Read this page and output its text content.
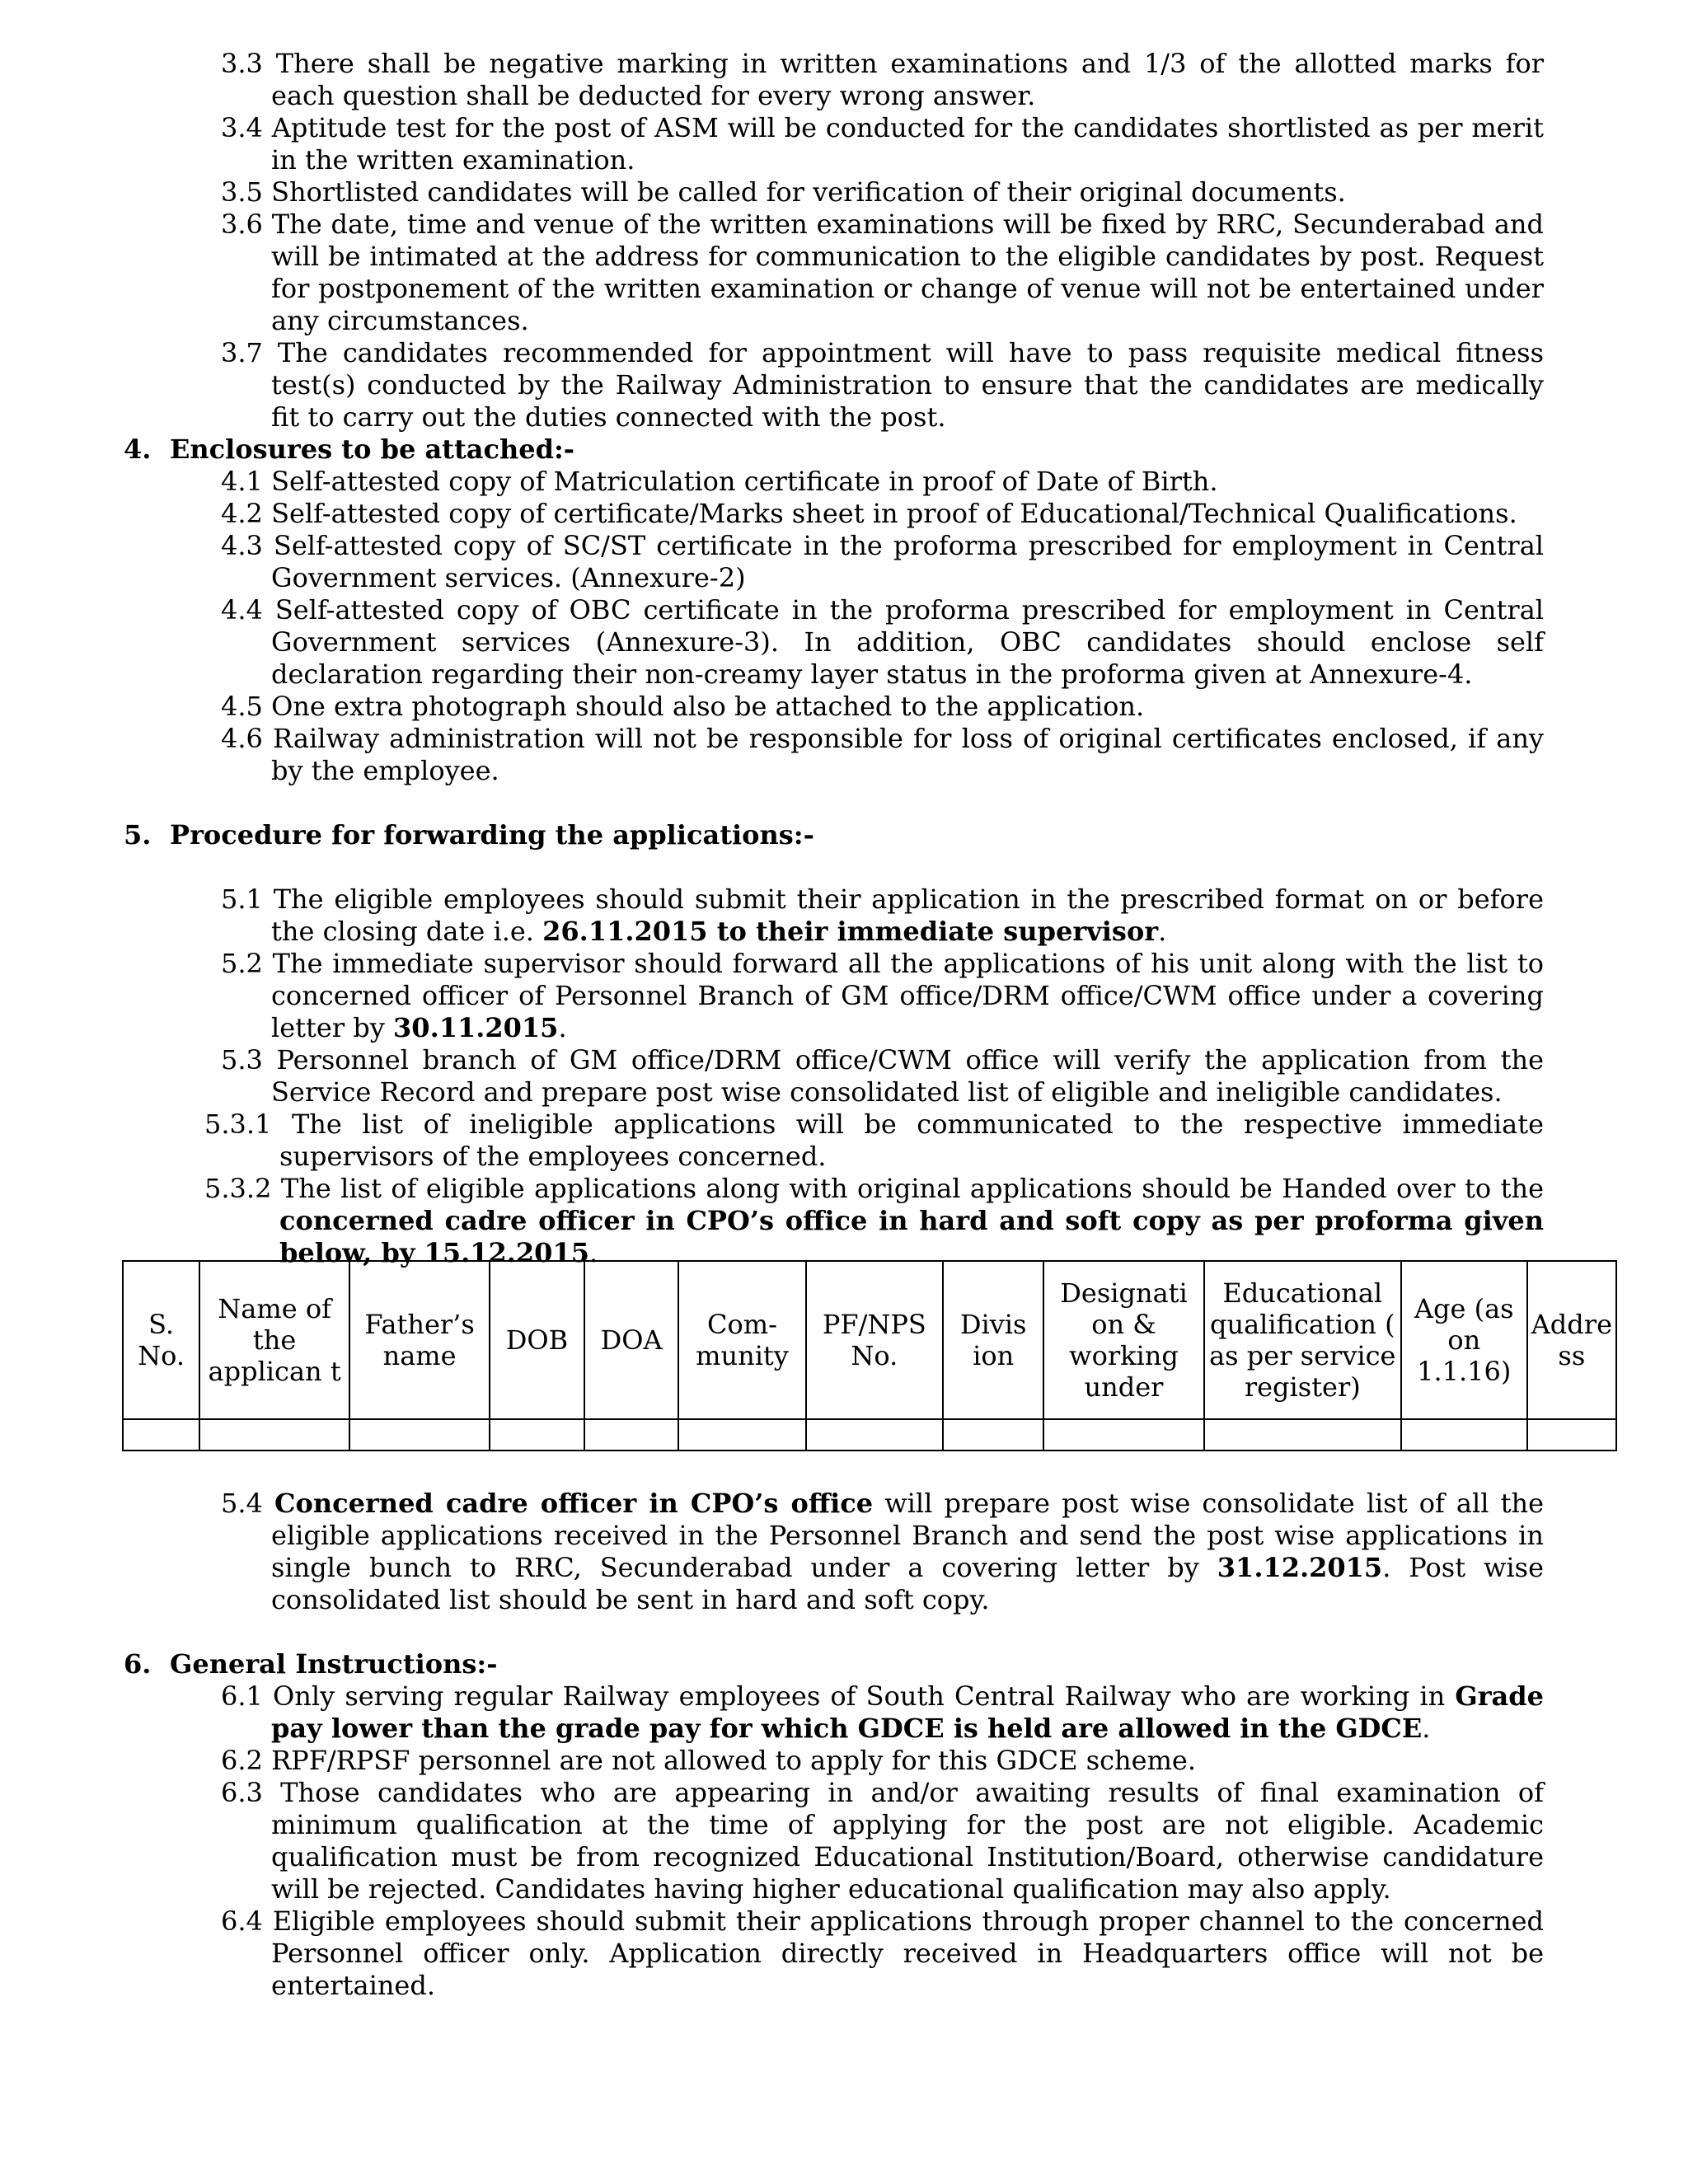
3.3 There shall be negative marking in written examinations and 1/3 of the allotted marks for each question shall be deducted for every wrong answer.
3.4 Aptitude test for the post of ASM will be conducted for the candidates shortlisted as per merit in the written examination.
3.5 Shortlisted candidates will be called for verification of their original documents.
3.6 The date, time and venue of the written examinations will be fixed by RRC, Secunderabad and will be intimated at the address for communication to the eligible candidates by post. Request for postponement of the written examination or change of venue will not be entertained under any circumstances.
3.7 The candidates recommended for appointment will have to pass requisite medical fitness test(s) conducted by the Railway Administration to ensure that the candidates are medically fit to carry out the duties connected with the post.
4. Enclosures to be attached:-
4.1 Self-attested copy of Matriculation certificate in proof of Date of Birth.
4.2 Self-attested copy of certificate/Marks sheet in proof of Educational/Technical Qualifications.
4.3 Self-attested copy of SC/ST certificate in the proforma prescribed for employment in Central Government services. (Annexure-2)
4.4 Self-attested copy of OBC certificate in the proforma prescribed for employment in Central Government services (Annexure-3). In addition, OBC candidates should enclose self declaration regarding their non-creamy layer status in the proforma given at Annexure-4.
4.5 One extra photograph should also be attached to the application.
4.6 Railway administration will not be responsible for loss of original certificates enclosed, if any by the employee.
5. Procedure for forwarding the applications:-
5.1 The eligible employees should submit their application in the prescribed format on or before the closing date i.e. 26.11.2015 to their immediate supervisor.
5.2 The immediate supervisor should forward all the applications of his unit along with the list to concerned officer of Personnel Branch of GM office/DRM office/CWM office under a covering letter by 30.11.2015.
5.3 Personnel branch of GM office/DRM office/CWM office will verify the application from the Service Record and prepare post wise consolidated list of eligible and ineligible candidates.
5.3.1 The list of ineligible applications will be communicated to the respective immediate supervisors of the employees concerned.
5.3.2 The list of eligible applications along with original applications should be Handed over to the concerned cadre officer in CPO’s office in hard and soft copy as per proforma given below, by 15.12.2015.
S. No.	Name of the applican t	Father’s name	DOB	DOA	Com- munity	PF/NPS No.	Divis ion	Designati on & working under	Educational qualification ( as per service register)	Age (as on 1.1.16)	Addre ss

5.4 Concerned cadre officer in CPO’s office will prepare post wise consolidate list of all the eligible applications received in the Personnel Branch and send the post wise applications in single bunch to RRC, Secunderabad under a covering letter by 31.12.2015. Post wise consolidated list should be sent in hard and soft copy.
6. General Instructions:-
6.1 Only serving regular Railway employees of South Central Railway who are working in Grade pay lower than the grade pay for which GDCE is held are allowed in the GDCE.
6.2 RPF/RPSF personnel are not allowed to apply for this GDCE scheme.
6.3 Those candidates who are appearing in and/or awaiting results of final examination of minimum qualification at the time of applying for the post are not eligible. Academic qualification must be from recognized Educational Institution/Board, otherwise candidature will be rejected. Candidates having higher educational qualification may also apply.
6.4 Eligible employees should submit their applications through proper channel to the concerned Personnel officer only. Application directly received in Headquarters office will not be entertained.
